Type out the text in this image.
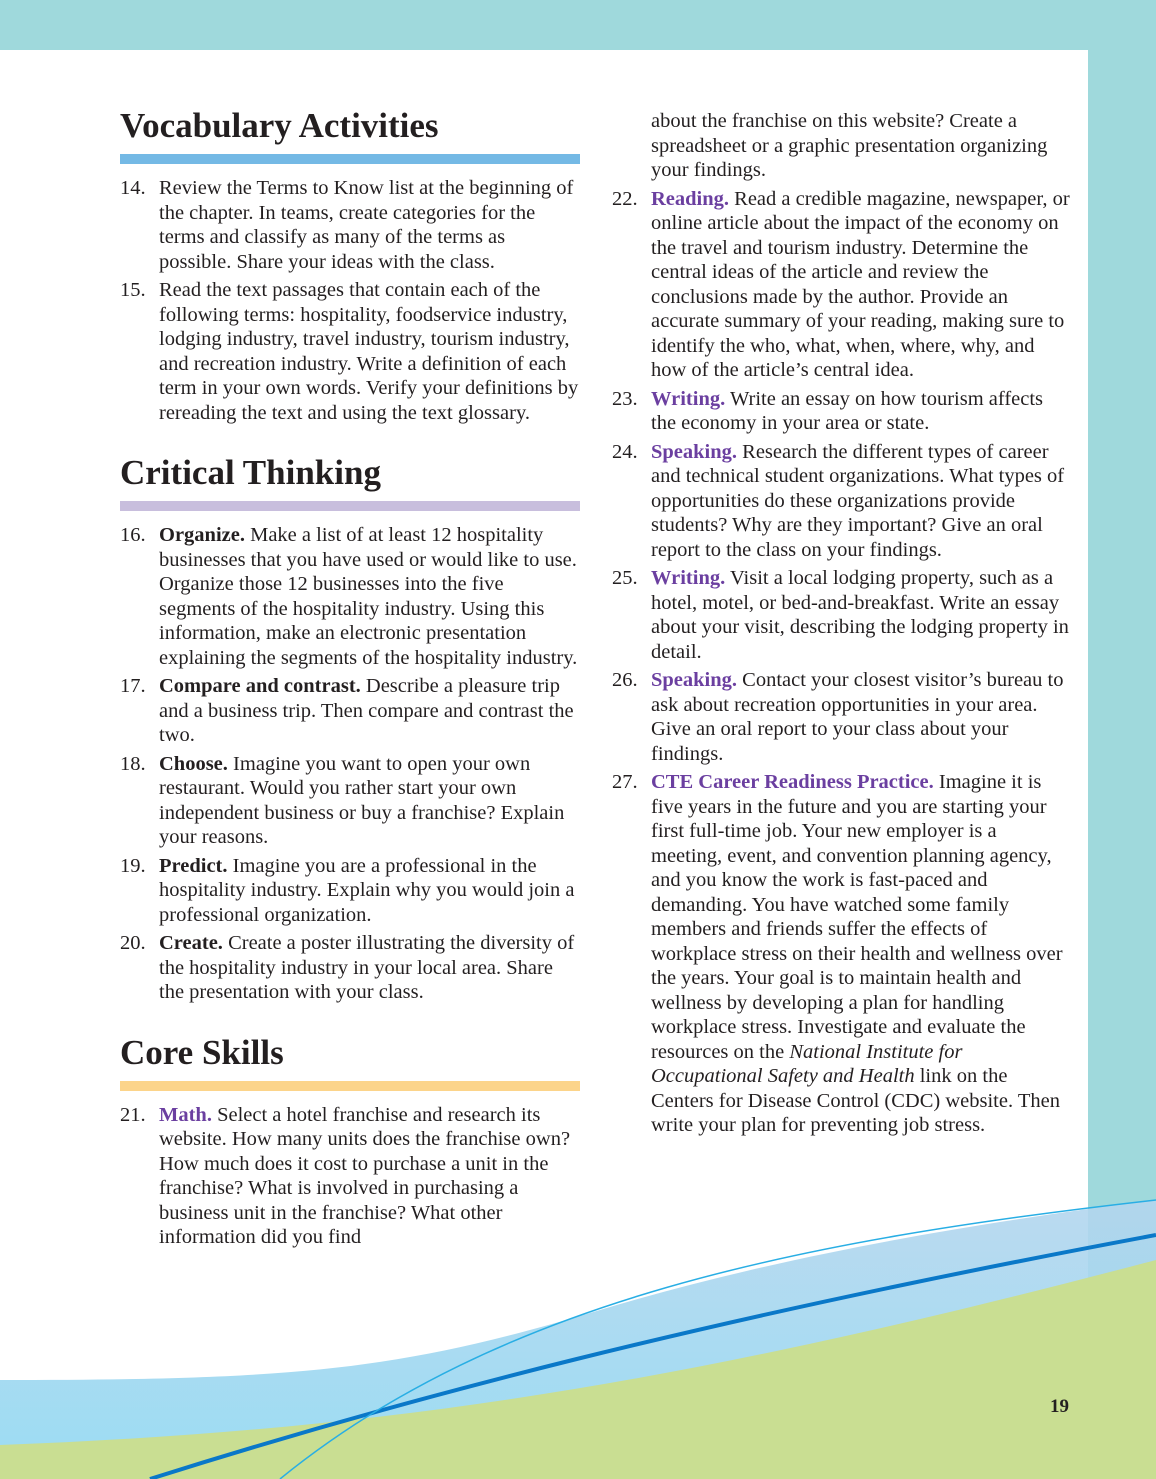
Vocabulary Activities
14. Review the Terms to Know list at the beginning of the chapter. In teams, create categories for the terms and classify as many of the terms as possible. Share your ideas with the class.
15. Read the text passages that contain each of the following terms: hospitality, foodservice industry, lodging industry, travel industry, tourism industry, and recreation industry. Write a definition of each term in your own words. Verify your definitions by rereading the text and using the text glossary.
Critical Thinking
16. Organize. Make a list of at least 12 hospitality businesses that you have used or would like to use. Organize those 12 businesses into the five segments of the hospitality industry. Using this information, make an electronic presentation explaining the segments of the hospitality industry.
17. Compare and contrast. Describe a pleasure trip and a business trip. Then compare and contrast the two.
18. Choose. Imagine you want to open your own restaurant. Would you rather start your own independent business or buy a franchise? Explain your reasons.
19. Predict. Imagine you are a professional in the hospitality industry. Explain why you would join a professional organization.
20. Create. Create a poster illustrating the diversity of the hospitality industry in your local area. Share the presentation with your class.
Core Skills
21. Math. Select a hotel franchise and research its website. How many units does the franchise own? How much does it cost to purchase a unit in the franchise? What is involved in purchasing a business unit in the franchise? What other information did you find
about the franchise on this website? Create a spreadsheet or a graphic presentation organizing your findings.
22. Reading. Read a credible magazine, newspaper, or online article about the impact of the economy on the travel and tourism industry. Determine the central ideas of the article and review the conclusions made by the author. Provide an accurate summary of your reading, making sure to identify the who, what, when, where, why, and how of the article’s central idea.
23. Writing. Write an essay on how tourism affects the economy in your area or state.
24. Speaking. Research the different types of career and technical student organizations. What types of opportunities do these organizations provide students? Why are they important? Give an oral report to the class on your findings.
25. Writing. Visit a local lodging property, such as a hotel, motel, or bed-and-breakfast. Write an essay about your visit, describing the lodging property in detail.
26. Speaking. Contact your closest visitor’s bureau to ask about recreation opportunities in your area. Give an oral report to your class about your findings.
27. CTE Career Readiness Practice. Imagine it is five years in the future and you are starting your first full-time job. Your new employer is a meeting, event, and convention planning agency, and you know the work is fast-paced and demanding. You have watched some family members and friends suffer the effects of workplace stress on their health and wellness over the years. Your goal is to maintain health and wellness by developing a plan for handling workplace stress. Investigate and evaluate the resources on the National Institute for Occupational Safety and Health link on the Centers for Disease Control (CDC) website. Then write your plan for preventing job stress.
19
